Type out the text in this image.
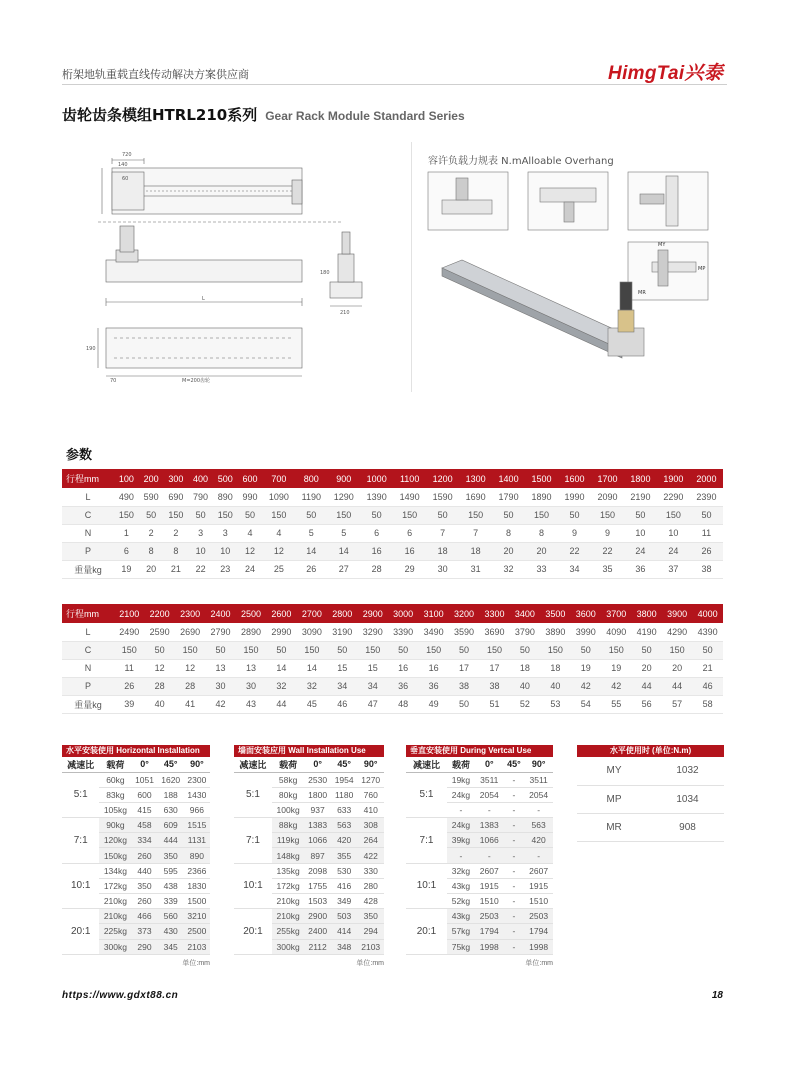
桁架地轨重载直线传动解决方案供应商	HimgTai兴泰
齿轮齿条模组HTRL210系列 Gear Rack Module Standard Series
720
140
60
L
210
180
70
190
M=200齿轮
容许负载力规表 N.mAlloable Overhang
MY
MP
MR
参数
行程mm	100	200	300	400	500	600	700	800	900	1000	1100	1200	1300	1400	1500	1600	1700	1800	1900	2000
L	490	590	690	790	890	990	1090	1190	1290	1390	1490	1590	1690	1790	1890	1990	2090	2190	2290	2390
C	150	50	150	50	150	50	150	50	150	50	150	50	150	50	150	50	150	50	150	50
N	1	2	2	3	3	4	4	5	5	6	6	7	7	8	8	9	9	10	10	11
P	6	8	8	10	10	12	12	14	14	16	16	18	18	20	20	22	22	24	24	26
重量kg	19	20	21	22	23	24	25	26	27	28	29	30	31	32	33	34	35	36	37	38
行程mm	2100	2200	2300	2400	2500	2600	2700	2800	2900	3000	3100	3200	3300	3400	3500	3600	3700	3800	3900	4000
L	2490	2590	2690	2790	2890	2990	3090	3190	3290	3390	3490	3590	3690	3790	3890	3990	4090	4190	4290	4390
C	150	50	150	50	150	50	150	50	150	50	150	50	150	50	150	50	150	50	150	50
N	11	12	12	13	13	14	14	15	15	16	16	17	17	18	18	19	19	20	20	21
P	26	28	28	30	30	32	32	34	34	36	36	38	38	40	40	42	42	44	44	46
重量kg	39	40	41	42	43	44	45	46	47	48	49	50	51	52	53	54	55	56	57	58
水平安装使用 Horizontal Installation
减速比	载荷	0°	45°	90°
5:1	60kg	1051	1620	2300
	83kg	600	188	1430
	105kg	415	630	966
7:1	90kg	458	609	1515
	120kg	334	444	1131
	150kg	260	350	890
10:1	134kg	440	595	2366
	172kg	350	438	1830
	210kg	260	339	1500
20:1	210kg	466	560	3210
	225kg	373	430	2500
	300kg	290	345	2103
单位:mm
墙面安装应用 Wall Installation Use
减速比	载荷	0°	45°	90°
5:1	58kg	2530	1954	1270
	80kg	1800	1180	760
	100kg	937	633	410
7:1	88kg	1383	563	308
	119kg	1066	420	264
	148kg	897	355	422
10:1	135kg	2098	530	330
	172kg	1755	416	280
	210kg	1503	349	428
20:1	210kg	2900	503	350
	255kg	2400	414	294
	300kg	2112	348	2103
单位:mm
垂直安装使用 During Vertcal Use
减速比	载荷	0°	45°	90°
5:1	19kg	3511	-	3511
	24kg	2054	-	2054
	-	-	-	-
7:1	24kg	1383	-	563
	39kg	1066	-	420
	-	-	-	-
10:1	32kg	2607	-	2607
	43kg	1915	-	1915
	52kg	1510	-	1510
20:1	43kg	2503	-	2503
	57kg	1794	-	1794
	75kg	1998	-	1998
单位:mm
水平使用时 (单位:N.m)
MY	1032
MP	1034
MR	908
https://www.gdxt88.cn	18
